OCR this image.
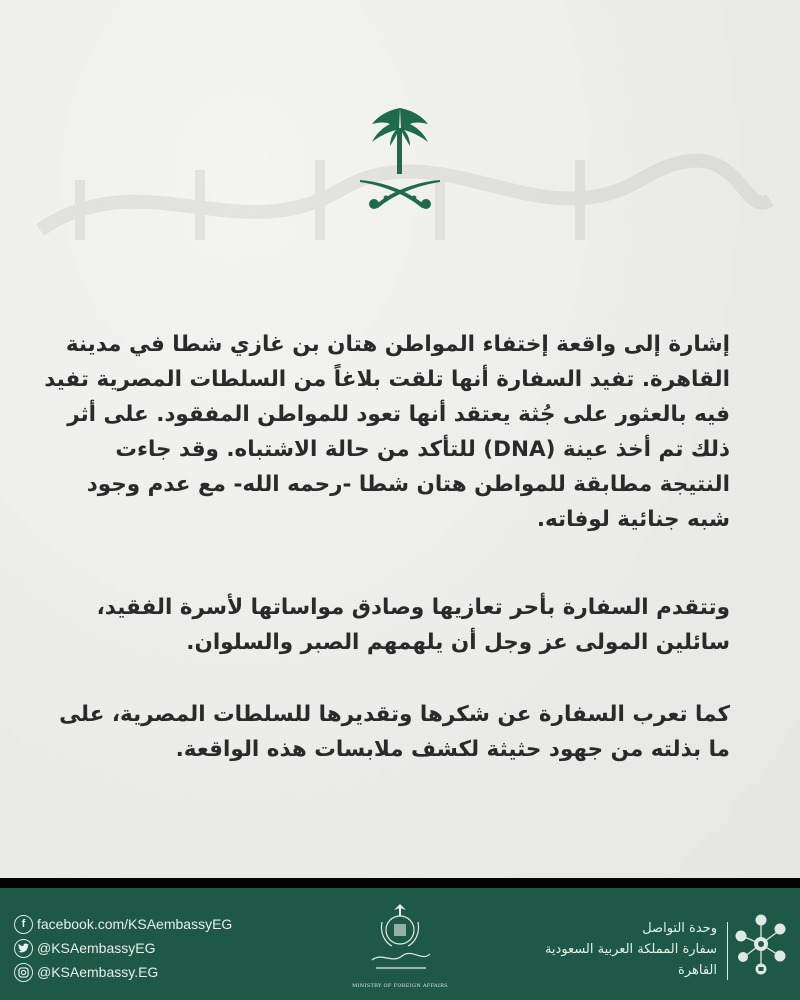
إشارة إلى واقعة إختفاء المواطن هتان بن غازي شطا في مدينة
القاهرة. تفيد السفارة أنها تلقت بلاغاً من السلطات المصرية تفيد
فيه بالعثور على جُثة يعتقد أنها تعود للمواطن المفقود. على أثر
ذلك تم أخذ عينة (DNA) للتأكد من حالة الاشتباه. وقد جاءت
النتيجة مطابقة للمواطن هتان شطا -رحمه الله- مع عدم وجود
شبه جنائية لوفاته.
وتتقدم السفارة بأحر تعازيها وصادق مواساتها لأسرة الفقيد،
سائلين المولى عز وجل أن يلهمهم الصبر والسلوان.
كما تعرب السفارة عن شكرها وتقديرها للسلطات المصرية، على
ما بذلته من جهود حثيثة لكشف ملابسات هذه الواقعة.
f facebook.com/KSAembassyEG
@KSAembassyEG
@KSAembassy.EG
MINISTRY OF FOREIGN AFFAIRS
وحدة التواصل
سفارة المملكة العربية السعودية
القاهرة
